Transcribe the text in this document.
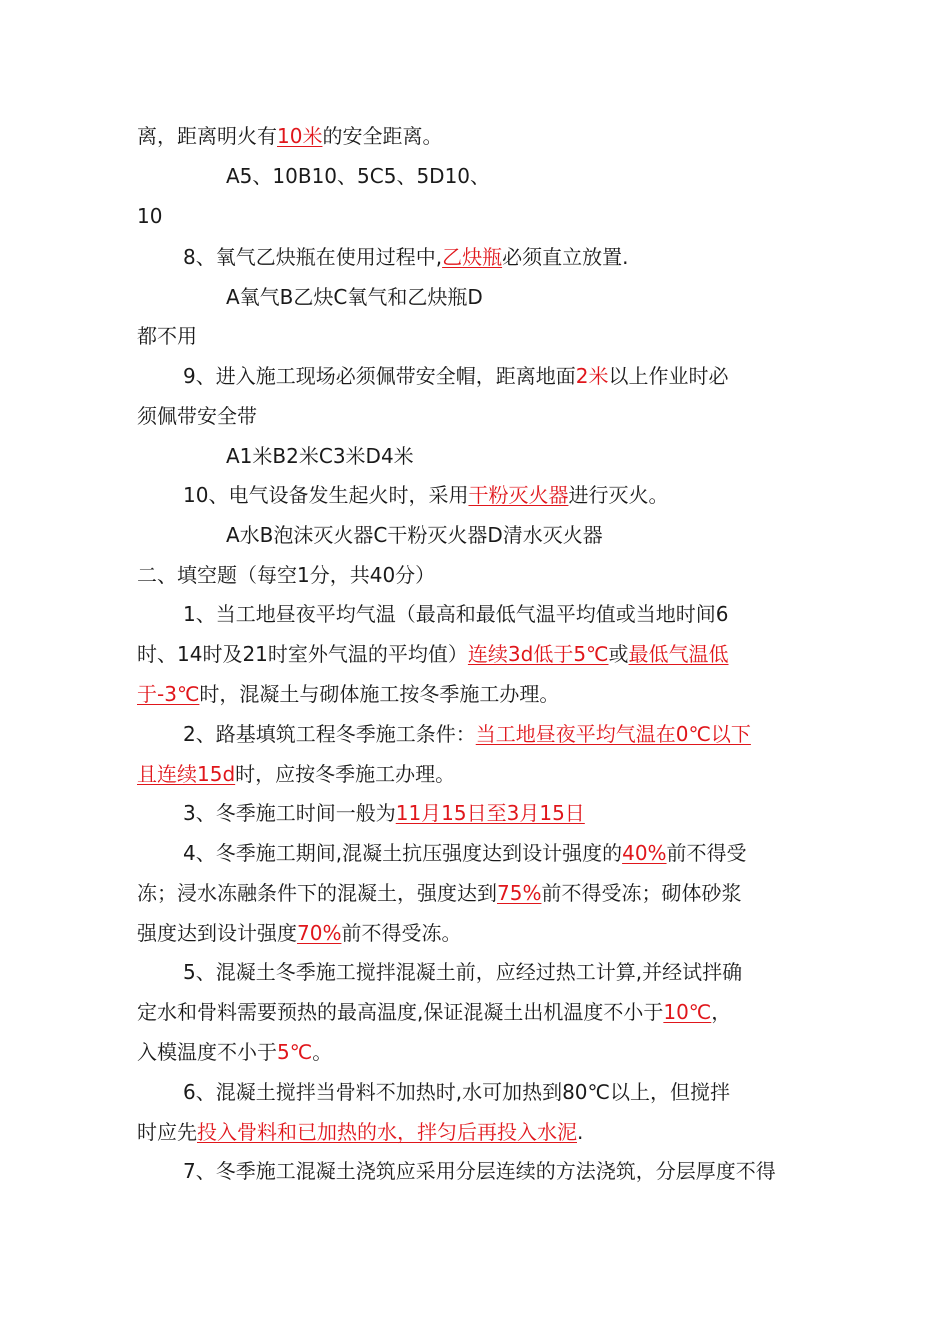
离，距离明火有10米的安全距离。
A5、10B10、5C5、5D10、
10
8、氧气乙炔瓶在使用过程中,乙炔瓶必须直立放置.
A氧气B乙炔C氧气和乙炔瓶D
都不用
9、进入施工现场必须佩带安全帽，距离地面2米以上作业时必
须佩带安全带
A1米B2米C3米D4米
10、电气设备发生起火时，采用干粉灭火器进行灭火。
A水B泡沫灭火器C干粉灭火器D清水灭火器
二、填空题（每空1分，共40分）
1、当工地昼夜平均气温（最高和最低气温平均值或当地时间6
时、14时及21时室外气温的平均值）连续3d低于5℃或最低气温低
于-3℃时，混凝土与砌体施工按冬季施工办理。
2、路基填筑工程冬季施工条件：当工地昼夜平均气温在0℃以下
且连续15d时，应按冬季施工办理。
3、冬季施工时间一般为11月15日至3月15日
4、冬季施工期间,混凝土抗压强度达到设计强度的40%前不得受
冻；浸水冻融条件下的混凝土，强度达到75%前不得受冻；砌体砂浆
强度达到设计强度70%前不得受冻。
5、混凝土冬季施工搅拌混凝土前，应经过热工计算,并经试拌确
定水和骨料需要预热的最高温度,保证混凝土出机温度不小于10℃，
入模温度不小于5℃。
6、混凝土搅拌当骨料不加热时,水可加热到80℃以上，但搅拌
时应先投入骨料和已加热的水，拌匀后再投入水泥.
7、冬季施工混凝土浇筑应采用分层连续的方法浇筑，分层厚度不得
